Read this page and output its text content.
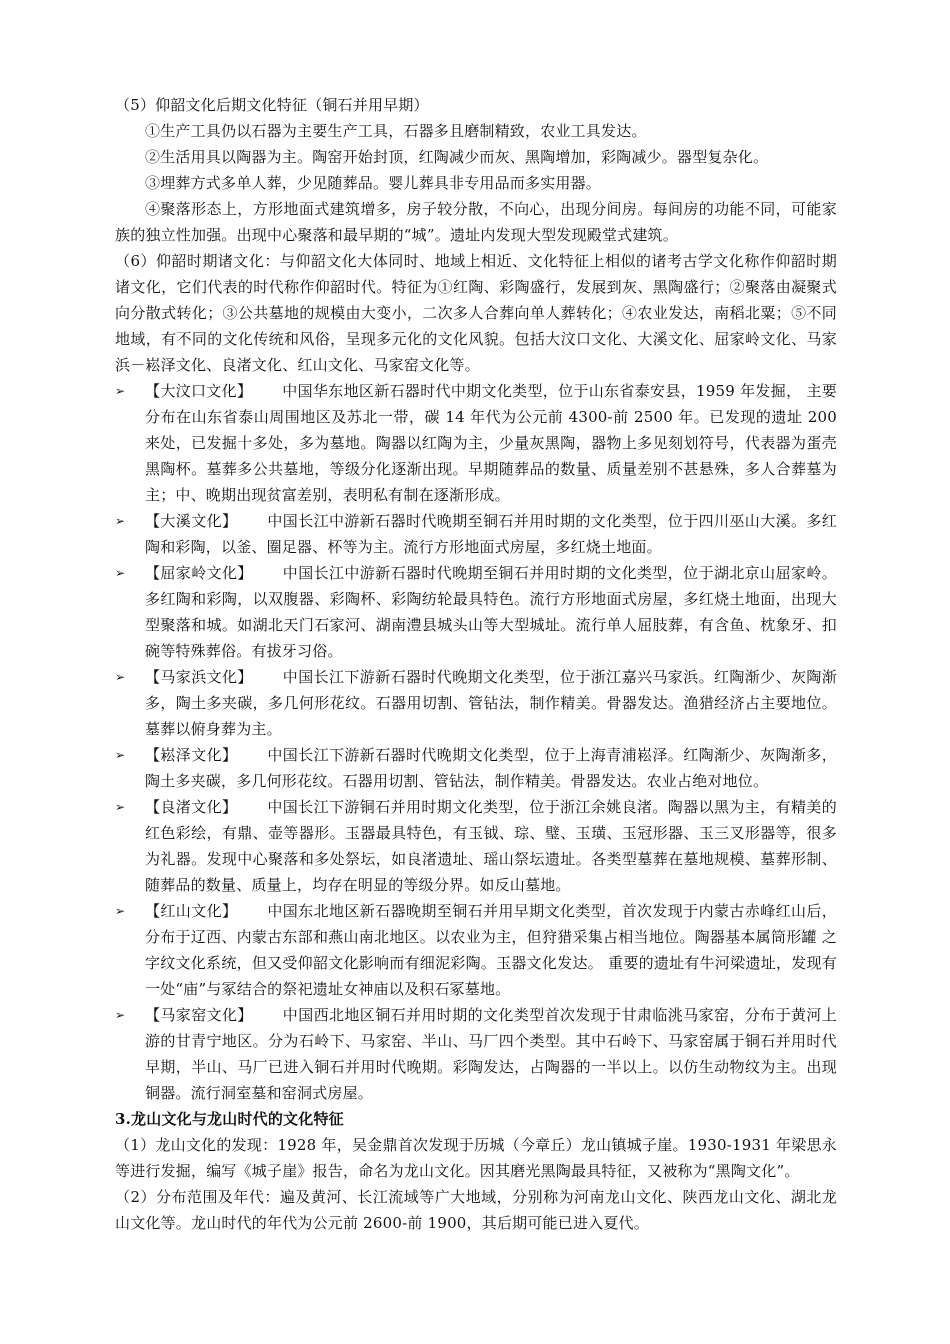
（5）仰韶文化后期文化特征（铜石并用早期）

①生产工具仍以石器为主要生产工具，石器多且磨制精致，农业工具发达。

②生活用具以陶器为主。陶窑开始封顶，红陶减少而灰、黑陶增加，彩陶减少。器型复杂化。

③埋葬方式多单人葬，少见随葬品。婴儿葬具非专用品而多实用器。

④聚落形态上，方形地面式建筑增多，房子较分散，不向心，出现分间房。每间房的功能不同，可能家族的独立性加强。出现中心聚落和最早期的“城”。遗址内发现大型发现殿堂式建筑。

（6）仰韶时期诸文化：与仰韶文化大体同时、地域上相近、文化特征上相似的诸考古学文化称作仰韶时期诸文化，它们代表的时代称作仰韶时代。特征为①红陶、彩陶盛行，发展到灰、黑陶盛行；②聚落由凝聚式向分散式转化；③公共墓地的规模由大变小，二次多人合葬向单人葬转化；④农业发达，南稻北粟；⑤不同地域，有不同的文化传统和风俗，呈现多元化的文化风貌。包括大汶口文化、大溪文化、屈家岭文化、马家浜－崧泽文化、良渚文化、红山文化、马家窑文化等。

➢	【大汶口文化】 中国华东地区新石器时代中期文化类型，位于山东省泰安县，1959 年发掘， 主要分布在山东省泰山周围地区及苏北一带，碳 14 年代为公元前 4300-前 2500 年。已发现的遗址 200 来处，已发掘十多处，多为墓地。陶器以红陶为主，少量灰黑陶，器物上多见刻划符号，代表器为蛋壳黑陶杯。墓葬多公共墓地，等级分化逐渐出现。早期随葬品的数量、质量差别不甚悬殊，多人合葬墓为主；中、晚期出现贫富差别，表明私有制在逐渐形成。
➢	【大溪文化】 中国长江中游新石器时代晚期至铜石并用时期的文化类型，位于四川巫山大溪。多红陶和彩陶，以釜、圈足器、杯等为主。流行方形地面式房屋，多红烧土地面。
➢	【屈家岭文化】 中国长江中游新石器时代晚期至铜石并用时期的文化类型，位于湖北京山屈家岭。多红陶和彩陶，以双腹器、彩陶杯、彩陶纺轮最具特色。流行方形地面式房屋，多红烧土地面，出现大型聚落和城。如湖北天门石家河、湖南澧县城头山等大型城址。流行单人屈肢葬，有含鱼、枕象牙、扣碗等特殊葬俗。有拔牙习俗。
➢	【马家浜文化】 中国长江下游新石器时代晚期文化类型，位于浙江嘉兴马家浜。红陶渐少、灰陶渐多，陶土多夹碳，多几何形花纹。石器用切割、管钻法，制作精美。骨器发达。渔猎经济占主要地位。墓葬以俯身葬为主。
➢	【崧泽文化】 中国长江下游新石器时代晚期文化类型，位于上海青浦崧泽。红陶渐少、灰陶渐多，陶土多夹碳，多几何形花纹。石器用切割、管钻法，制作精美。骨器发达。农业占绝对地位。
➢	【良渚文化】 中国长江下游铜石并用时期文化类型，位于浙江余姚良渚。陶器以黑为主，有精美的红色彩绘，有鼎、壶等器形。玉器最具特色，有玉钺、琮、璧、玉璜、玉冠形器、玉三叉形器等，很多为礼器。发现中心聚落和多处祭坛，如良渚遗址、瑶山祭坛遗址。各类型墓葬在墓地规模、墓葬形制、随葬品的数量、质量上，均存在明显的等级分界。如反山墓地。
➢	【红山文化】 中国东北地区新石器晚期至铜石并用早期文化类型，首次发现于内蒙古赤峰红山后，分布于辽西、内蒙古东部和燕山南北地区。以农业为主，但狩猎采集占相当地位。陶器基本属筒形罐 之 字纹文化系统，但又受仰韶文化影响而有细泥彩陶。玉器文化发达。 重要的遗址有牛河梁遗址，发现有一处“庙”与冢结合的祭祀遗址女神庙以及积石冢墓地。
➢	【马家窑文化】 中国西北地区铜石并用时期的文化类型首次发现于甘肃临洮马家窑，分布于黄河上游的甘青宁地区。分为石岭下、马家窑、半山、马厂四个类型。其中石岭下、马家窑属于铜石并用时代早期，半山、马厂已进入铜石并用时代晚期。彩陶发达，占陶器的一半以上。以仿生动物纹为主。出现铜器。流行洞室墓和窑洞式房屋。

3.龙山文化与龙山时代的文化特征

（1）龙山文化的发现：1928 年，吴金鼎首次发现于历城（今章丘）龙山镇城子崖。1930-1931 年梁思永等进行发掘，编写《城子崖》报告，命名为龙山文化。因其磨光黑陶最具特征，又被称为“黑陶文化”。

（2）分布范围及年代：遍及黄河、长江流域等广大地域，分别称为河南龙山文化、陕西龙山文化、湖北龙山文化等。龙山时代的年代为公元前 2600-前 1900，其后期可能已进入夏代。
